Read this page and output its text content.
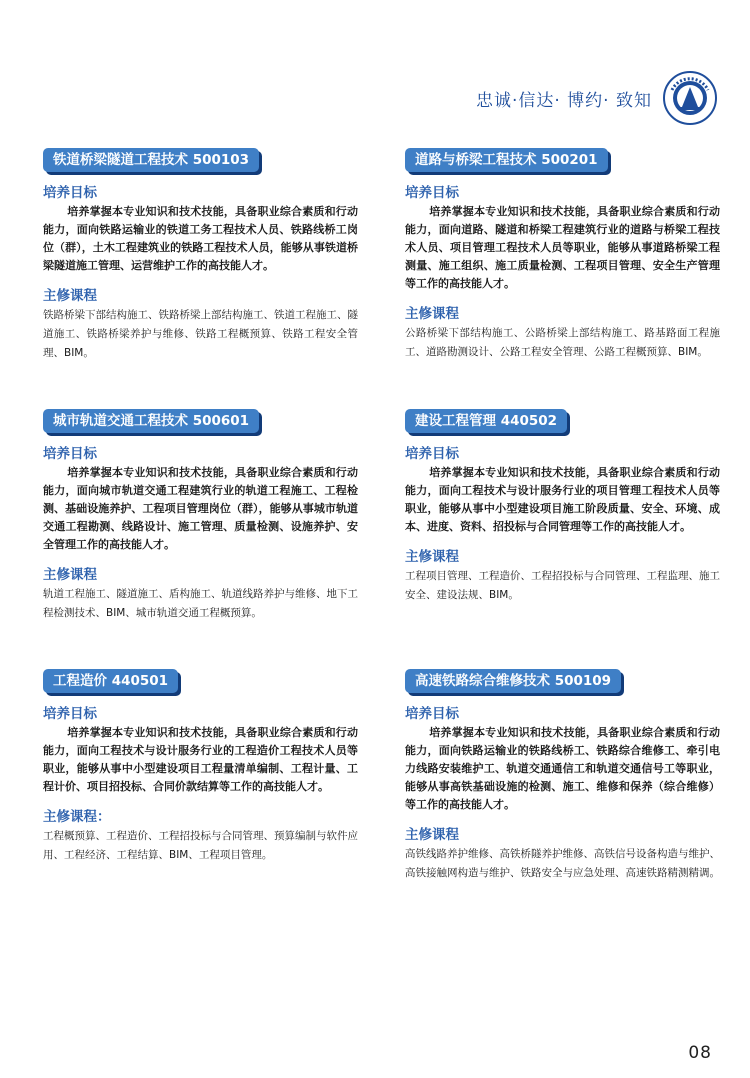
忠诚·信达· 博约· 致知
铁道桥梁隧道工程技术 500103
培养目标
培养掌握本专业知识和技术技能，具备职业综合素质和行动能力，面向铁路运输业的铁道工务工程技术人员、铁路线桥工岗位（群），土木工程建筑业的铁路工程技术人员，能够从事铁道桥梁隧道施工管理、运营维护工作的高技能人才。
主修课程
铁路桥梁下部结构施工、铁路桥梁上部结构施工、铁道工程施工、隧道施工、铁路桥梁养护与维修、铁路工程概预算、铁路工程安全管理、BIM。
道路与桥梁工程技术 500201
培养目标
培养掌握本专业知识和技术技能，具备职业综合素质和行动能力，面向道路、隧道和桥梁工程建筑行业的道路与桥梁工程技术人员、项目管理工程技术人员等职业，能够从事道路桥梁工程测量、施工组织、施工质量检测、工程项目管理、安全生产管理等工作的高技能人才。
主修课程
公路桥梁下部结构施工、公路桥梁上部结构施工、路基路面工程施工、道路勘测设计、公路工程安全管理、公路工程概预算、BIM。
城市轨道交通工程技术 500601
培养目标
培养掌握本专业知识和技术技能，具备职业综合素质和行动能力，面向城市轨道交通工程建筑行业的轨道工程施工、工程检测、基础设施养护、工程项目管理岗位（群），能够从事城市轨道交通工程勘测、线路设计、施工管理、质量检测、设施养护、安全管理工作的高技能人才。
主修课程
轨道工程施工、隧道施工、盾构施工、轨道线路养护与维修、地下工程检测技术、BIM、城市轨道交通工程概预算。
建设工程管理 440502
培养目标
培养掌握本专业知识和技术技能，具备职业综合素质和行动能力，面向工程技术与设计服务行业的项目管理工程技术人员等职业，能够从事中小型建设项目施工阶段质量、安全、环境、成本、进度、资料、招投标与合同管理等工作的高技能人才。
主修课程
工程项目管理、工程造价、工程招投标与合同管理、工程监理、施工安全、建设法规、BIM。
工程造价 440501
培养目标
培养掌握本专业知识和技术技能，具备职业综合素质和行动能力，面向工程技术与设计服务行业的工程造价工程技术人员等职业，能够从事中小型建设项目工程量清单编制、工程计量、工程计价、项目招投标、合同价款结算等工作的高技能人才。
主修课程：
工程概预算、工程造价、工程招投标与合同管理、预算编制与软件应用、工程经济、工程结算、BIM、工程项目管理。
高速铁路综合维修技术 500109
培养目标
培养掌握本专业知识和技术技能，具备职业综合素质和行动能力，面向铁路运输业的铁路线桥工、铁路综合维修工、牵引电力线路安装维护工、轨道交通通信工和轨道交通信号工等职业，能够从事高铁基础设施的检测、施工、维修和保养（综合维修）等工作的高技能人才。
主修课程
高铁线路养护维修、高铁桥隧养护维修、高铁信号设备构造与维护、高铁接触网构造与维护、铁路安全与应急处理、高速铁路精测精调。
08
